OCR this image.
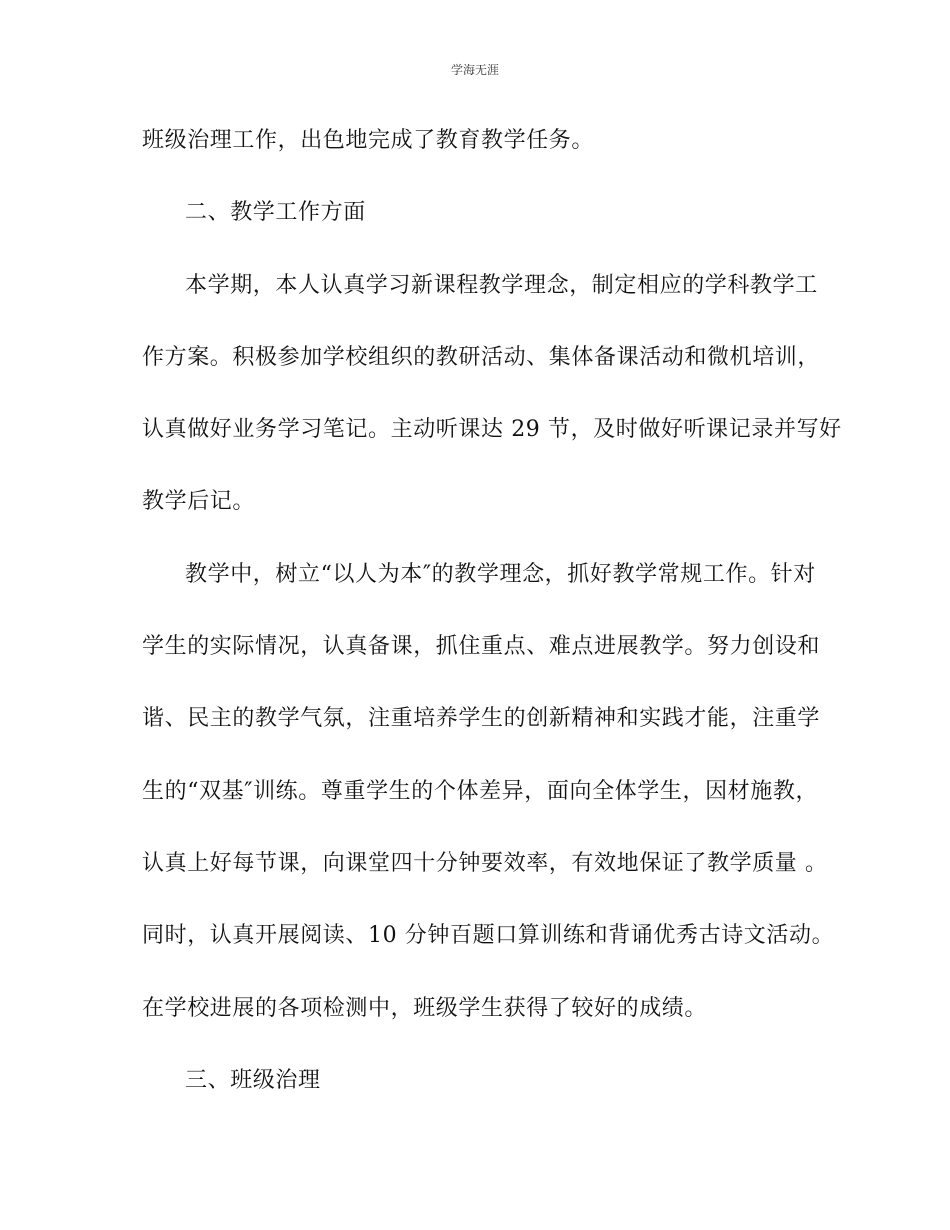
学海无涯
班级治理工作，出色地完成了教育教学任务。
二、教学工作方面
本学期，本人认真学习新课程教学理念，制定相应的学科教学工
作方案。积极参加学校组织的教研活动、集体备课活动和微机培训，
认真做好业务学习笔记。主动听课达 29 节，及时做好听课记录并写好
教学后记。
教学中，树立“以人为本″的教学理念，抓好教学常规工作。针对
学生的实际情况，认真备课，抓住重点、难点进展教学。努力创设和
谐、民主的教学气氛，注重培养学生的创新精神和实践才能，注重学
生的“双基″训练。尊重学生的个体差异，面向全体学生，因材施教，
认真上好每节课，向课堂四十分钟要效率，有效地保证了教学质量 。
同时，认真开展阅读、10 分钟百题口算训练和背诵优秀古诗文活动。
在学校进展的各项检测中，班级学生获得了较好的成绩。
三、班级治理
